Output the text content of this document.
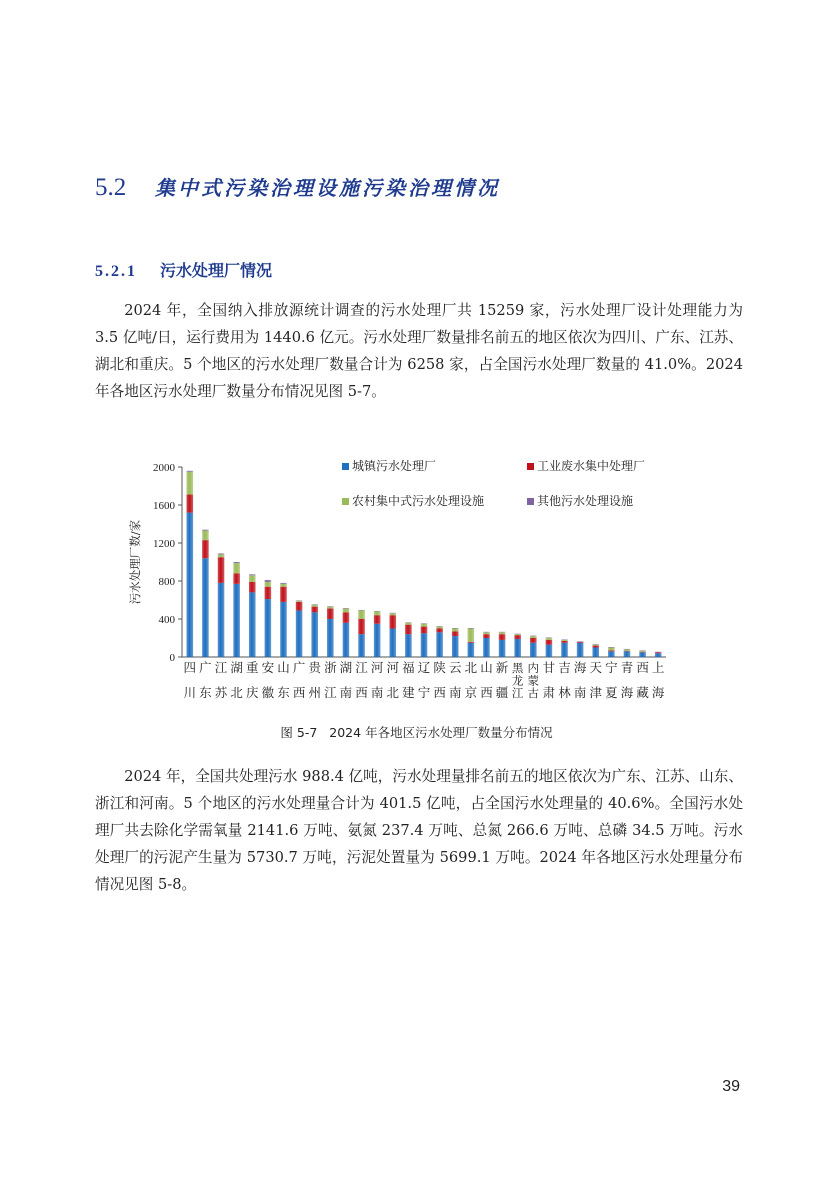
5.2	集中式污染治理设施污染治理情况
5.2.1	污水处理厂情况

2024 年，全国纳入排放源统计调查的污水处理厂共 15259 家，污水处理厂设计处理能力为 3.5 亿吨/日，运行费用为 1440.6 亿元。污水处理厂数量排名前五的地区依次为四川、广东、江苏、湖北和重庆。5 个地区的污水处理厂数量合计为 6258 家，占全国污水处理厂数量的 41.0%。2024 年各地区污水处理厂数量分布情况见图 5-7。

0
400
800
1200
1600
2000
污水处理厂数/家
四
川
广
东
江
苏
湖
北
重
庆
安
徽
山
东
广
西
贵
州
浙
江
湖
南
江
西
河
南
河
北
福
建
辽
宁
陕
西
云
南
北
京
山
西
新
疆
黑
龙
江
内
蒙
古
甘
肃
吉
林
海
南
天
津
宁
夏
青
海
西
藏
上
海
城镇污水处理厂	工业废水集中处理厂
农村集中式污水处理设施	其他污水处理设施
图 5-7 2024 年各地区污水处理厂数量分布情况

2024 年，全国共处理污水 988.4 亿吨，污水处理量排名前五的地区依次为广东、江苏、山东、浙江和河南。5 个地区的污水处理量合计为 401.5 亿吨，占全国污水处理量的 40.6%。全国污水处理厂共去除化学需氧量 2141.6 万吨、氨氮 237.4 万吨、总氮 266.6 万吨、总磷 34.5 万吨。污水处理厂的污泥产生量为 5730.7 万吨，污泥处置量为 5699.1 万吨。2024 年各地区污水处理量分布情况见图 5-8。

39
